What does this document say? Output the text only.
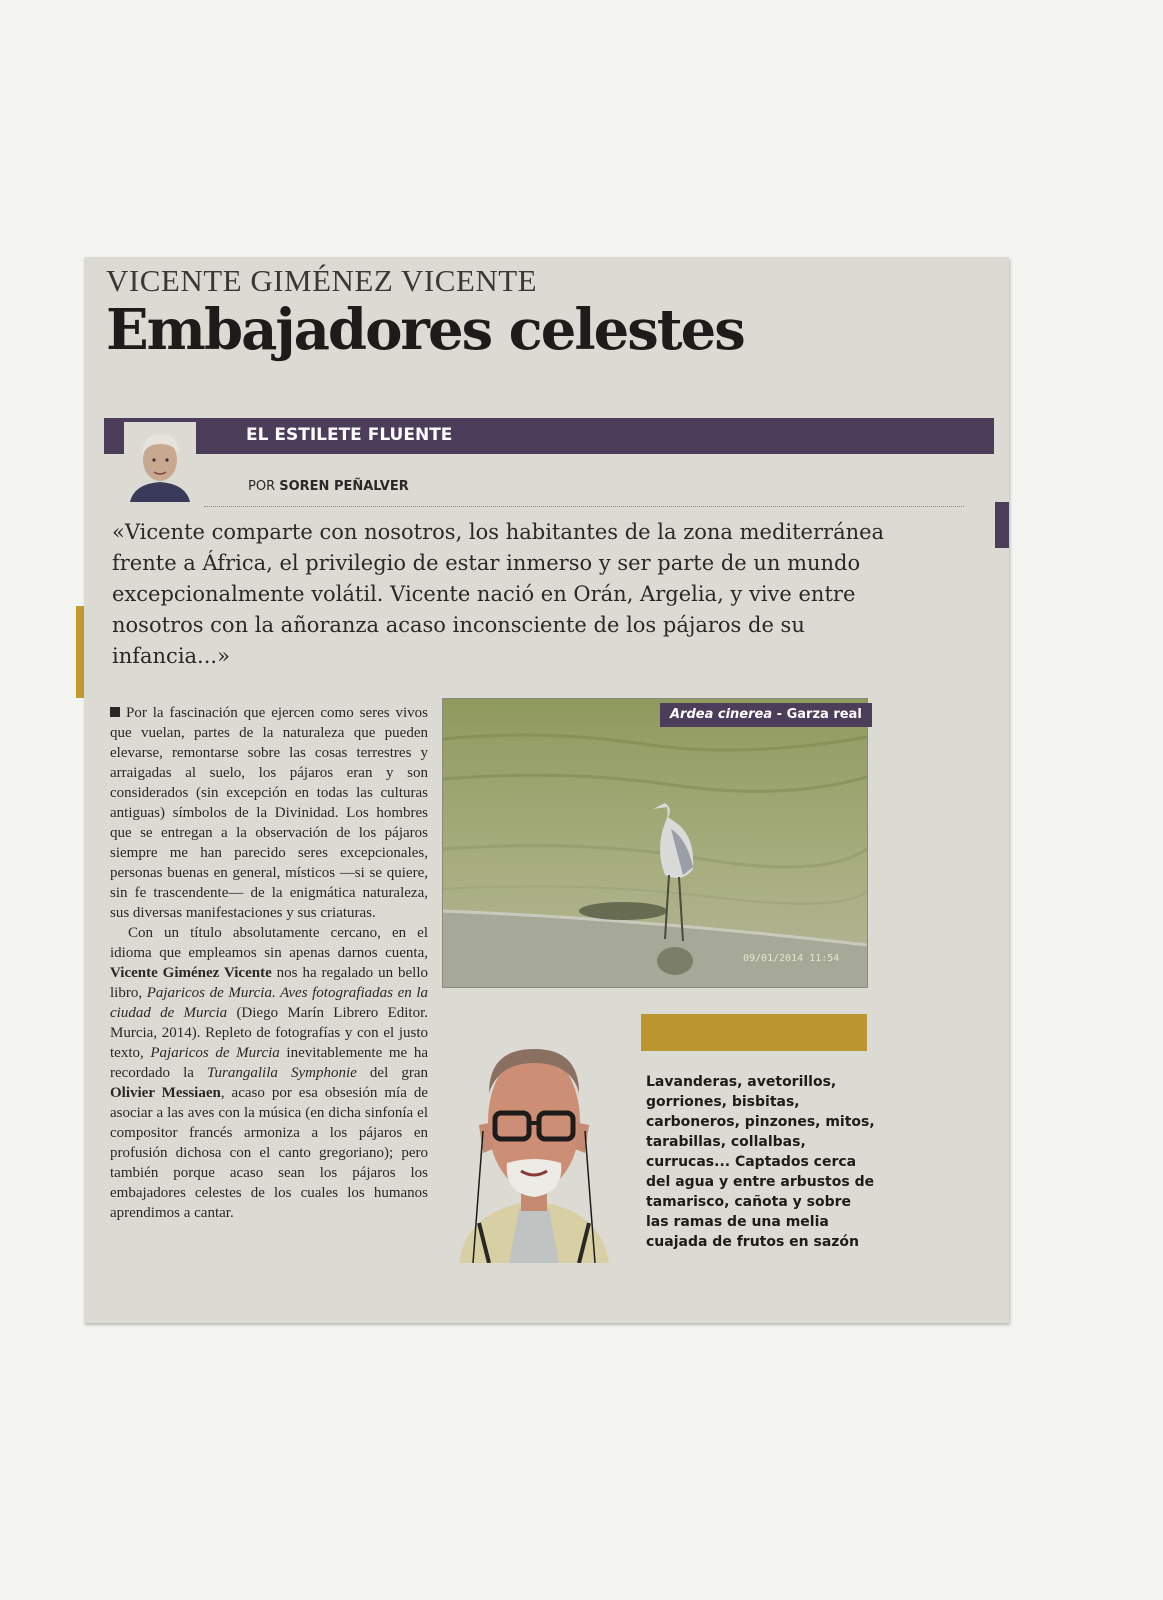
VICENTE GIMÉNEZ VICENTE
Embajadores celestes
EL ESTILETE FLUENTE
POR SOREN PEÑALVER

«Vicente comparte con nosotros, los habitantes de la zona mediterránea frente a África, el privilegio de estar inmerso y ser parte de un mundo excepcionalmente volátil. Vicente nació en Orán, Argelia, y vive entre nosotros con la añoranza acaso inconsciente de los pájaros de su infancia...»

Por la fascinación que ejercen como seres vivos que vuelan, partes de la naturaleza que pueden elevarse, remontarse sobre las cosas terrestres y arraigadas al suelo, los pájaros eran y son considerados (sin excepción en todas las culturas antiguas) símbolos de la Divinidad. Los hombres que se entregan a la observación de los pájaros siempre me han parecido seres excepcionales, personas buenas en general, místicos —si se quiere, sin fe trascendente— de la enigmática naturaleza, sus diversas manifestaciones y sus criaturas.

Con un título absolutamente cercano, en el idioma que empleamos sin apenas darnos cuenta, Vicente Giménez Vicente nos ha regalado un bello libro, Pajaricos de Murcia. Aves fotografiadas en la ciudad de Murcia (Diego Marín Librero Editor. Murcia, 2014). Repleto de fotografías y con el justo texto, Pajaricos de Murcia inevitablemente me ha recordado la Turangalila Symphonie del gran Olivier Messiaen, acaso por esa obsesión mía de asociar a las aves con la música (en dicha sinfonía el compositor francés armoniza a los pájaros en profusión dichosa con el canto gregoriano); pero también porque acaso sean los pájaros los embajadores celestes de los cuales los humanos aprendimos a cantar.

09/01/2014 11:54
Ardea cinerea - Garza real

Lavanderas, avetorillos, gorriones, bisbitas, carboneros, pinzones, mitos, tarabillas, collalbas, currucas... Captados cerca del agua y entre arbustos de tamarisco, cañota y sobre las ramas de una melia cuajada de frutos en sazón
